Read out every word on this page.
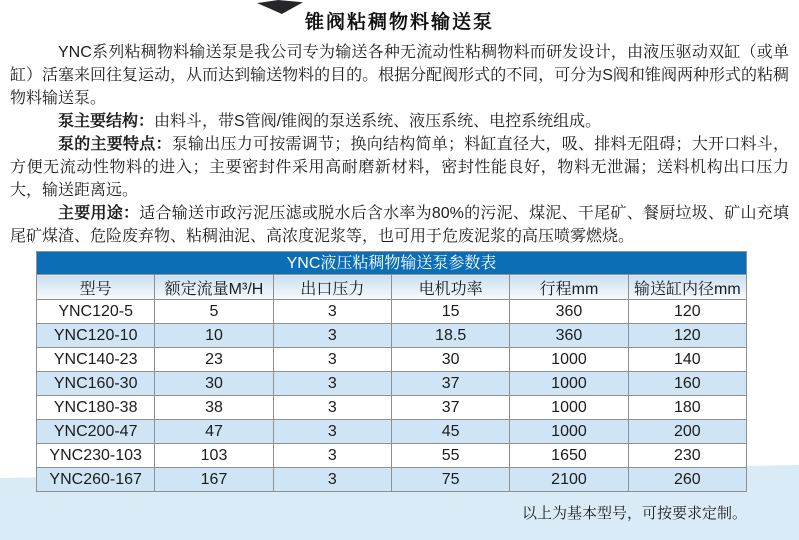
锥阀粘稠物料输送泵

YNC系列粘稠物料输送泵是我公司专为输送各种无流动性粘稠物料而研发设计，由液压驱动双缸（或单缸）活塞来回往复运动，从而达到输送物料的目的。根据分配阀形式的不同，可分为S阀和锥阀两种形式的粘稠物料输送泵。

泵主要结构：由料斗，带S管阀/锥阀的泵送系统、液压系统、电控系统组成。

泵的主要特点：泵输出压力可按需调节；换向结构简单；料缸直径大，吸、排料无阻碍；大开口料斗，方便无流动性物料的进入；主要密封件采用高耐磨新材料，密封性能良好，物料无泄漏；送料机构出口压力大，输送距离远。

主要用途：适合输送市政污泥压滤或脱水后含水率为80%的污泥、煤泥、干尾矿、餐厨垃圾、矿山充填尾矿煤渣、危险废弃物、粘稠油泥、高浓度泥浆等，也可用于危废泥浆的高压喷雾燃烧。

YNC液压粘稠物输送泵参数表
型号	额定流量M³/H	出口压力	电机功率	行程mm	输送缸内径mm
YNC120-5	5	3	15	360	120
YNC120-10	10	3	18.5	360	120
YNC140-23	23	3	30	1000	140
YNC160-30	30	3	37	1000	160
YNC180-38	38	3	37	1000	180
YNC200-47	47	3	45	1000	200
YNC230-103	103	3	55	1650	230
YNC260-167	167	3	75	2100	260
以上为基本型号，可按要求定制。
